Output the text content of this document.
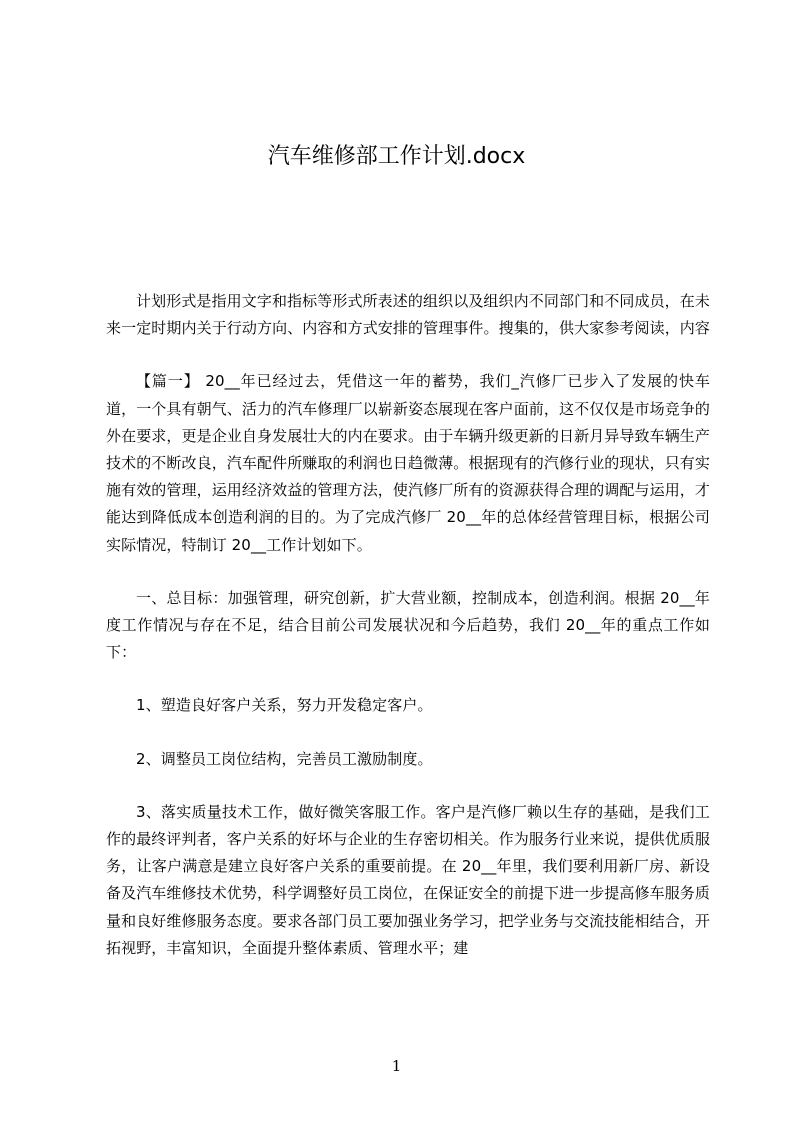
汽车维修部工作计划.docx

计划形式是指用文字和指标等形式所表述的组织以及组织内不同部门和不同成员，在未来一定时期内关于行动方向、内容和方式安排的管理事件。搜集的，供大家参考阅读，内容

【篇一】 20__年已经过去，凭借这一年的蓄势，我们_汽修厂已步入了发展的快车道，一个具有朝气、活力的汽车修理厂以崭新姿态展现在客户面前，这不仅仅是市场竞争的外在要求，更是企业自身发展壮大的内在要求。由于车辆升级更新的日新月异导致车辆生产技术的不断改良，汽车配件所赚取的利润也日趋微薄。根据现有的汽修行业的现状，只有实施有效的管理，运用经济效益的管理方法，使汽修厂所有的资源获得合理的调配与运用，才能达到降低成本创造利润的目的。为了完成汽修厂 20__年的总体经营管理目标，根据公司实际情况，特制订 20__工作计划如下。

一、总目标：加强管理，研究创新，扩大营业额，控制成本，创造利润。根据 20__年度工作情况与存在不足，结合目前公司发展状况和今后趋势，我们 20__年的重点工作如下：

1、塑造良好客户关系，努力开发稳定客户。

2、调整员工岗位结构，完善员工激励制度。

3、落实质量技术工作，做好微笑客服工作。客户是汽修厂赖以生存的基础，是我们工作的最终评判者，客户关系的好坏与企业的生存密切相关。作为服务行业来说，提供优质服务，让客户满意是建立良好客户关系的重要前提。在 20__年里，我们要利用新厂房、新设备及汽车维修技术优势，科学调整好员工岗位，在保证安全的前提下进一步提高修车服务质量和良好维修服务态度。要求各部门员工要加强业务学习，把学业务与交流技能相结合，开拓视野，丰富知识，全面提升整体素质、管理水平；建

1
